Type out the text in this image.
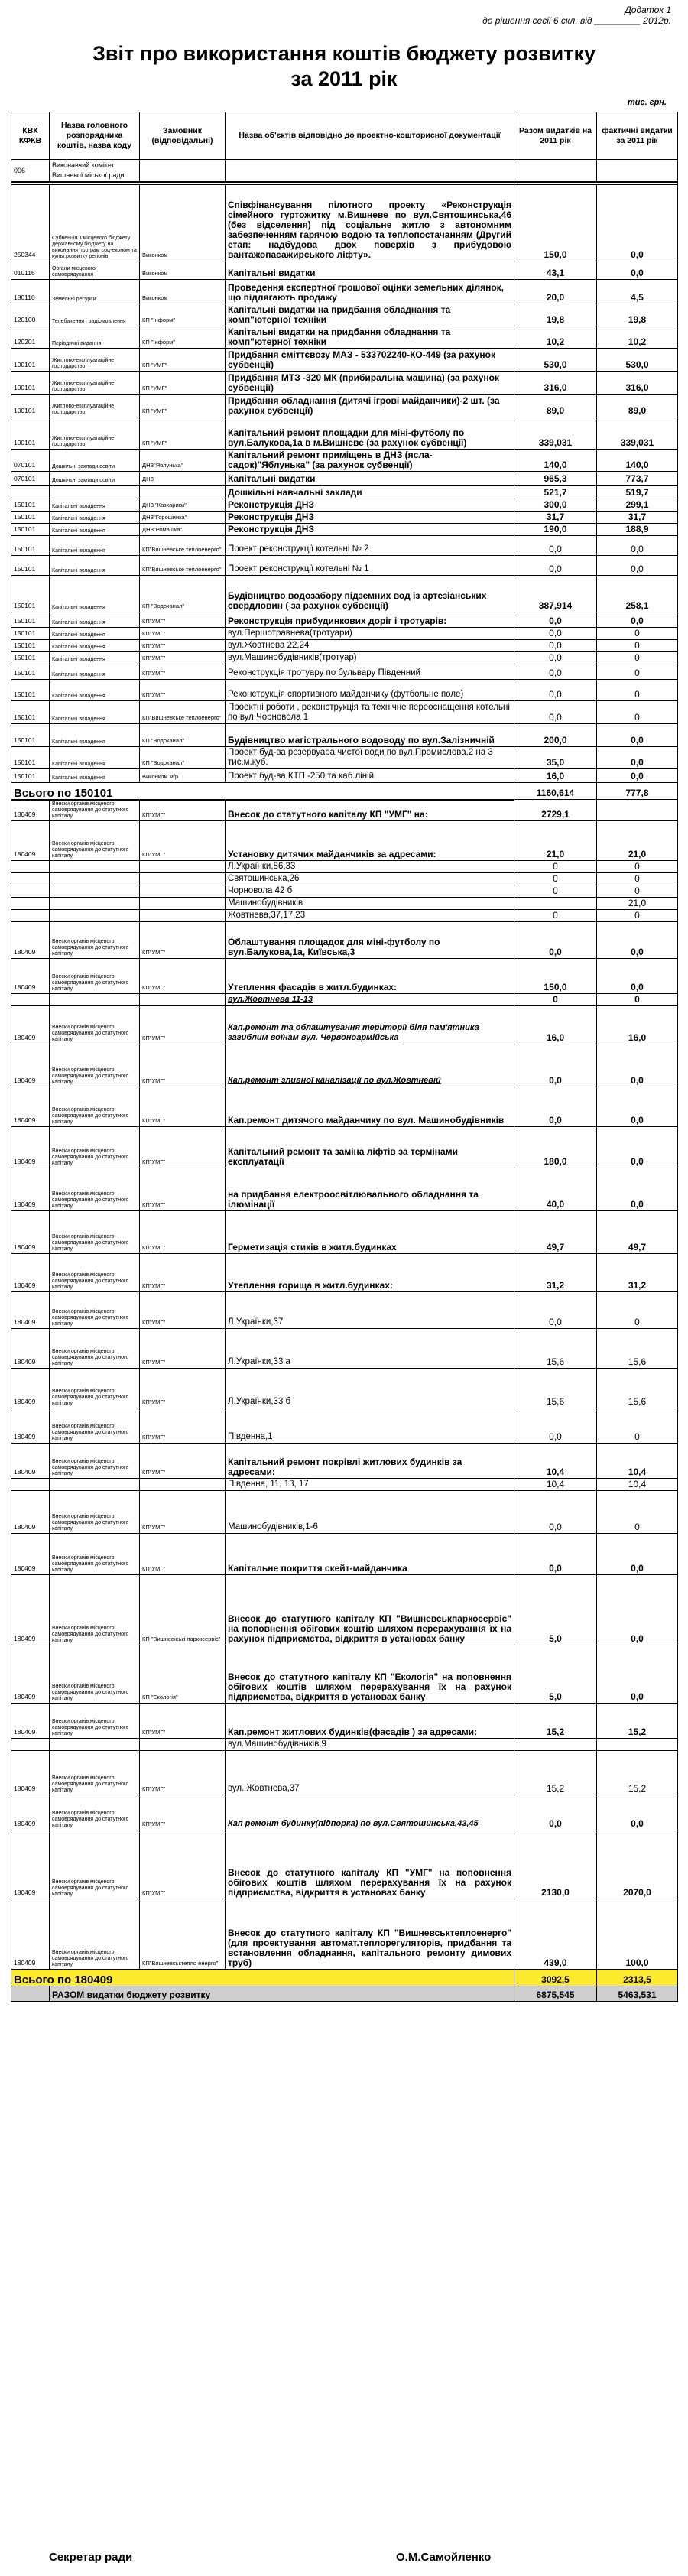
Додаток 1
до рішення сесії 6 скл. від _________ 2012р.
Звіт про використання коштів бюджету розвитку
за 2011 рік
тис. грн.
КВК КФКВ	Назва головного розпорядника коштів, назва коду	Замовник (відповідальні)	Назва об'єктів відповідно до проектно-кошторисної документації	Разом видатків на 2011 рік	фактичні видатки за 2011 рік
006	Виконавчий комітет Вишневої міської ради				

250344	Субвенція з місцевого бюджету державному бюджету на виконання програм соц-економ та культ.розвитку регіонів	Виконком	Співфінансування пілотного проекту «Реконструкція сімейного гуртожитку м.Вишневе по вул.Святошинська,46 (без відселення) під соціальне житло з автономним забезпеченням гарячою водою та теплопостачанням (Другий етап: надбудова двох поверхів з прибудовою вантажопасажирського ліфту».	150,0	0,0
010116	Органи місцевого самоврядування	Виконком	Капітальні видатки	43,1	0,0
180110	Земельні ресурси	Виконком	Проведення експертної грошової оцінки земельних ділянок, що підлягають продажу	20,0	4,5
120100	Телебачення і радіомовлення	КП "Інформ"	Капітальні видатки на придбання обладнання та комп"ютерної техніки	19,8	19,8
120201	Періодичні видання	КП "Інформ"	Капітальні видатки на придбання обладнання та комп"ютерної техніки	10,2	10,2
100101	Житлово-експлуатаційне господарство	КП "УМГ"	Придбання сміттєвозу МАЗ - 533702240-КО-449 (за рахунок субвенції)	530,0	530,0
100101	Житлово-експлуатаційне господарство	КП "УМГ"	Придбання МТЗ -320 МК (прибиральна машина) (за рахунок субвенції)	316,0	316,0
100101	Житлово-експлуатаційне господарство	КП "УМГ"	Придбання обладнання (дитячі ігрові майданчики)-2 шт. (за рахунок субвенції)	89,0	89,0
100101	Житлово-експлуатаційне господарство	КП "УМГ"	Капітальний ремонт площадки для міні-футболу по вул.Балукова,1а в м.Вишневе (за рахунок субвенції)	339,031	339,031
070101	Дошкільні заклади освіти	ДНЗ"Яблунька"	Капітальний ремонт приміщень в ДНЗ (ясла-садок)"Яблунька" (за рахунок субвенції)	140,0	140,0
070101	Дошкільні заклади освіти	ДНЗ	Капітальні видатки	965,3	773,7
			Дошкільні навчальні заклади	521,7	519,7
150101	Капітальні вкладення	ДНЗ "Казкарики"	Реконструкція ДНЗ	300,0	299,1
150101	Капітальні вкладення	ДНЗ"Горошинка"	Реконструкція ДНЗ	31,7	31,7
150101	Капітальні вкладення	ДНЗ"Ромашка"	Реконструкція ДНЗ	190,0	188,9
150101	Капітальні вкладення	КП"Вишневське теплоенерго"	Проект реконструкції котельні № 2	0,0	0,0
150101	Капітальні вкладення	КП"Вишневське теплоенерго"	Проект реконструкції котельні № 1	0,0	0,0
150101	Капітальні вкладення	КП "Водоканал"	Будівництво водозабору підземних вод із артезіанських свердловин ( за рахунок субвенції)	387,914	258,1
150101	Капітальні вкладення	КП"УМГ"	Реконструкція прибудинкових доріг і тротуарів:	0,0	0,0
150101	Капітальні вкладення	КП"УМГ"	вул.Першотравнева(тротуари)	0,0	0
150101	Капітальні вкладення	КП"УМГ"	вул.Жовтнева 22,24	0,0	0
150101	Капітальні вкладення	КП"УМГ"	вул.Машинобудівників(тротуар)	0,0	0
150101	Капітальні вкладення	КП"УМГ"	Реконструкція тротуару по бульвару Південний	0,0	0
150101	Капітальні вкладення	КП"УМГ"	Реконструкція спортивного майданчику (футбольне поле)	0,0	0
150101	Капітальні вкладення	КП"Вишневське теплоенерго"	Проектні роботи , реконструкція та технічне переоснащення котельні по вул.Чорновола 1	0,0	0
150101	Капітальні вкладення	КП "Водоканал"	Будівництво магістрального водоводу по вул.Залізничній	200,0	0,0
150101	Капітальні вкладення	КП "Водоканал"	Проект буд-ва резервуара чистої води по вул.Промислова,2 на 3 тис.м.куб.	35,0	0,0
150101	Капітальні вкладення	Виконком м/р	Проект буд-ва КТП -250 та каб.ліній	16,0	0,0
Всього по 150101				1160,614	777,8
180409	Внески органів місцевого самоврядування до статутного капіталу	КП"УМГ"	Внесок до статутного капіталу КП "УМГ" на:	2729,1	
180409	Внески органів місцевого самоврядування до статутного капіталу	КП"УМГ"	Установку дитячих майданчиків за адресами:	21,0	21,0
			Л.Українки,86,33	0	0
			Святошинська,26	0	0
			Чорновола 42 б	0	0
			Машинобудівників		21,0
			Жовтнева,37,17,23	0	0
180409	Внески органів місцевого самоврядування до статутного капіталу	КП"УМГ"	Облаштування площадок для міні-футболу по вул.Балукова,1а, Київська,3	0,0	0,0
180409	Внески органів місцевого самоврядування до статутного капіталу	КП"УМГ"	Утеплення фасадів в житл.будинках:	150,0	0,0
			вул.Жовтнева 11-13	0	0
180409	Внески органів місцевого самоврядування до статутного капіталу	КП"УМГ"	Кап.ремонт та облаштування території біля пам'ятника загиблим воїнам вул. Червоноармійська	16,0	16,0
180409	Внески органів місцевого самоврядування до статутного капіталу	КП"УМГ"	Кап.ремонт зливної каналізації по вул.Жовтневій	0,0	0,0
180409	Внески органів місцевого самоврядування до статутного капіталу	КП"УМГ"	Кап.ремонт дитячого майданчику по вул. Машинобудівників	0,0	0,0
180409	Внески органів місцевого самоврядування до статутного капіталу	КП"УМГ"	Капітальний ремонт та заміна ліфтів за термінами експлуатації	180,0	0,0
180409	Внески органів місцевого самоврядування до статутного капіталу	КП"УМГ"	на придбання електроосвітлювального обладнання та ілюмінації	40,0	0,0
180409	Внески органів місцевого самоврядування до статутного капіталу	КП"УМГ"	Герметизація стиків в житл.будинках	49,7	49,7
180409	Внески органів місцевого самоврядування до статутного капіталу	КП"УМГ"	Утеплення горища в житл.будинках:	31,2	31,2
180409	Внески органів місцевого самоврядування до статутного капіталу	КП"УМГ"	Л.Українки,37	0,0	0
180409	Внески органів місцевого самоврядування до статутного капіталу	КП"УМГ"	Л.Українки,33 а	15,6	15,6
180409	Внески органів місцевого самоврядування до статутного капіталу	КП"УМГ"	Л.Українки,33 б	15,6	15,6
180409	Внески органів місцевого самоврядування до статутного капіталу	КП"УМГ"	Південна,1	0,0	0
180409	Внески органів місцевого самоврядування до статутного капіталу	КП"УМГ"	Капітальний ремонт покрівлі житлових будинків за адресами:	10,4	10,4
			Південна, 11, 13, 17	10,4	10,4
180409	Внески органів місцевого самоврядування до статутного капіталу	КП"УМГ"	Машинобудівників,1-6	0,0	0
180409	Внески органів місцевого самоврядування до статутного капіталу	КП"УМГ"	Капітальне покриття скейт-майданчика	0,0	0,0
180409	Внески органів місцевого самоврядування до статутного капіталу	КП "Вишневіські паркосервіс"	Внесок до статутного капіталу КП "Вишневськпаркосервіс" на поповнення обігових коштів шляхом перерахування їх на рахунок підприємства, відкриття в установах банку	5,0	0,0
180409	Внески органів місцевого самоврядування до статутного капіталу	КП "Екологія"	Внесок до статутного капіталу КП "Екологія" на поповнення обігових коштів шляхом перерахування їх на рахунок підприємства, відкриття в установах банку	5,0	0,0
180409	Внески органів місцевого самоврядування до статутного капіталу	КП"УМГ"	Кап.ремонт житлових будинків(фасадів ) за адресами:	15,2	15,2
			вул.Машинобудівників,9		
180409	Внески органів місцевого самоврядування до статутного капіталу	КП"УМГ"	вул. Жовтнева,37	15,2	15,2
180409	Внески органів місцевого самоврядування до статутного капіталу	КП"УМГ"	Кап ремонт будинку(підпорка) по вул.Святошинська,43,45	0,0	0,0
180409	Внески органів місцевого самоврядування до статутного капіталу	КП"УМГ"	Внесок до статутного капіталу КП "УМГ" на поповнення обігових коштів шляхом перерахування їх на рахунок підприємства, відкриття в установах банку	2130,0	2070,0
180409	Внески органів місцевого самоврядування до статутного капіталу	КП"Вишневськтепло енерго"	Внесок до статутного капіталу КП "Вишневськтеплоенерго" (для проектування автомат.теплорегуляторів, придбання та встановлення обладнання, капітального ремонту димових труб)	439,0	100,0
Всього по 180409				3092,5	2313,5
	РАЗОМ видатки бюджету розвитку			6875,545	5463,531
Секретар ради	О.М.Самойленко
